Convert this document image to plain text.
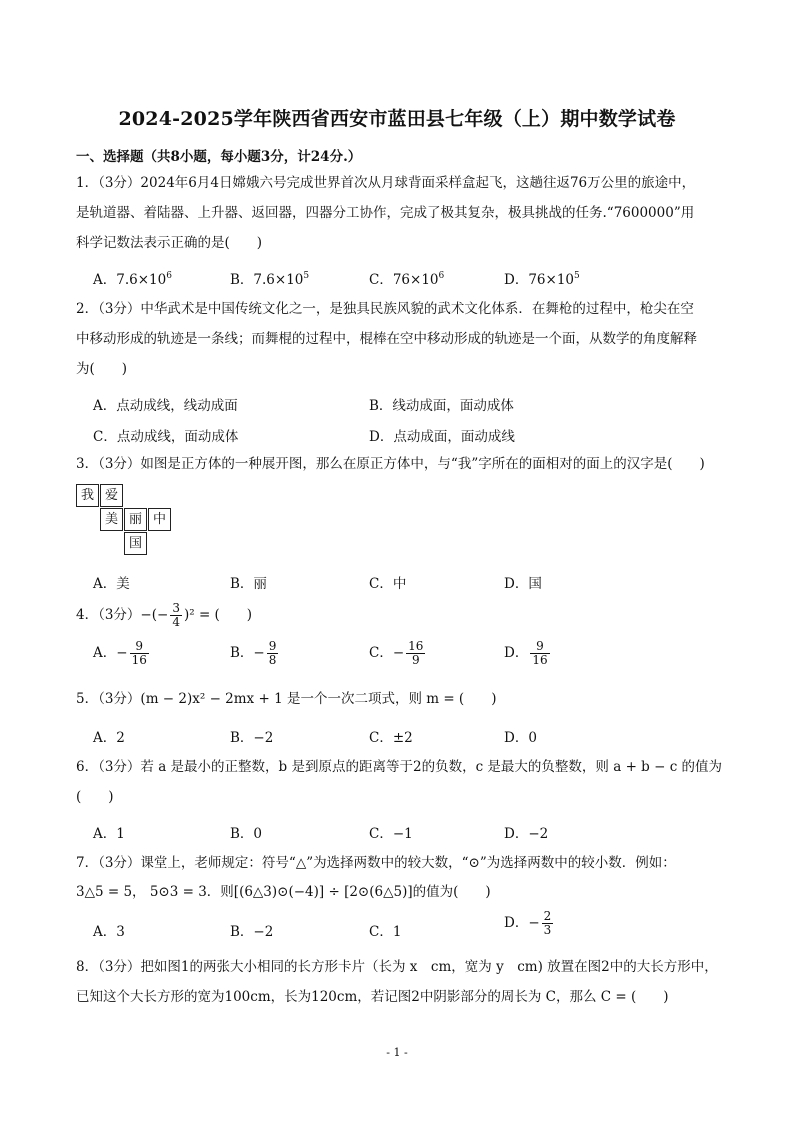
2024-2025学年陕西省西安市蓝田县七年级（上）期中数学试卷
一、选择题（共8小题，每小题3分，计24分.）
1．（3分）2024年6月4日嫦娥六号完成世界首次从月球背面采样盒起飞，这趟往返76万公里的旅途中，
是轨道器、着陆器、上升器、返回器，四器分工协作，完成了极其复杂，极具挑战的任务.“7600000”用
科学记数法表示正确的是(　　)
A．$7.6\times 10^6$	B．$7.6\times 10^5$	C．$76\times 10^6$	D．$76\times 10^5$
2．（3分）中华武术是中国传统文化之一，是独具民族风貌的武术文化体系．在舞枪的过程中，枪尖在空
中移动形成的轨迹是一条线；而舞棍的过程中，棍棒在空中移动形成的轨迹是一个面，从数学的角度解释
为(　　)
A．点动成线，线动成面	B．线动成面，面动成体
C．点动成线，面动成体	D．点动成面，面动成线
3．（3分）如图是正方体的一种展开图，那么在原正方体中，与“我”字所在的面相对的面上的汉字是(　　)
我 爱
美 丽 中
国
A．美	B．丽	C．中	D．国
4．（3分）−(− $\frac{3}{4} )^2$ = (　　)
A．− $\frac{9}{16}$	B．− $\frac{9}{8}$	C．− $\frac{16}{9}$	D． $\frac{9}{16}$
5．（3分）(m − 2)x² − 2mx + 1 是一个一次二项式，则 m = (　　)
A．2	B．−2	C．±2	D．0
6．（3分）若 a 是最小的正整数，b 是到原点的距离等于2的负数，c 是最大的负整数，则 a + b − c 的值为
(　　)
A．1	B．0	C．−1	D．−2
7．（3分）课堂上，老师规定：符号“△”为选择两数中的较大数，“⊙”为选择两数中的较小数．例如：
3△5 = 5， 5⊙3 = 3．则[(6△3)⊙(−4)] ÷ [2⊙(6△5)]的值为(　　)
A．3	B．−2	C．1
D．− $\frac{2}{3}$
8．（3分）把如图1的两张大小相同的长方形卡片（长为 x　cm，宽为 y　cm) 放置在图2中的大长方形中，
已知这个大长方形的宽为100cm，长为120cm，若记图2中阴影部分的周长为 C，那么 C = (　　)
- 1 -
